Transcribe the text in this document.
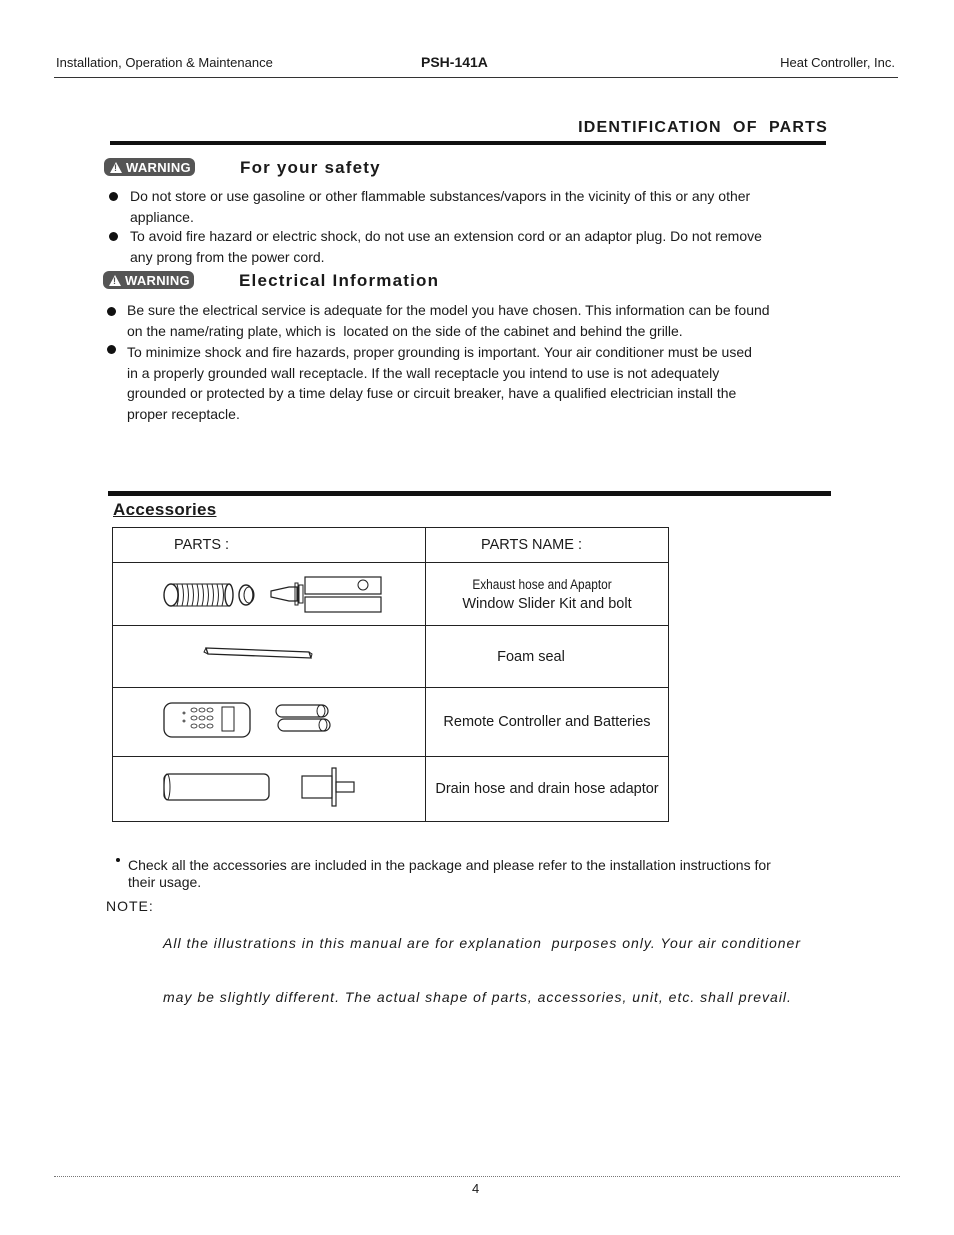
Installation, Operation & Maintenance	PSH-141A	Heat Controller, Inc.
IDENTIFICATION  OF  PARTS
!
WARNING	For your safety
Do not store or use gasoline or other flammable substances/vapors in the vicinity of this or any other
appliance.
To avoid fire hazard or electric shock, do not use an extension cord or an adaptor plug. Do not remove
any prong from the power cord.
!
WARNING	Electrical Information
Be sure the electrical service is adequate for the model you have chosen. This information can be found
on the name/rating plate, which is  located on the side of the cabinet and behind the grille.
To minimize shock and fire hazards, proper grounding is important. Your air conditioner must be used
in a properly grounded wall receptacle. If the wall receptacle you intend to use is not adequately
grounded or protected by a time delay fuse or circuit breaker, have a qualified electrician install the
proper receptacle.
Accessories
PARTS :	PARTS NAME :

Exhaust hose and Apaptor
Window Slider Kit and bolt

	Foam seal
	Remote Controller and Batteries
	Drain hose and drain hose adaptor
Check all the accessories are included in the package and please refer to the installation instructions for
their usage.
NOTE:

All the illustrations in this manual are for explanation  purposes only. Your air conditioner

may be slightly different. The actual shape of parts, accessories, unit, etc. shall prevail.

4
